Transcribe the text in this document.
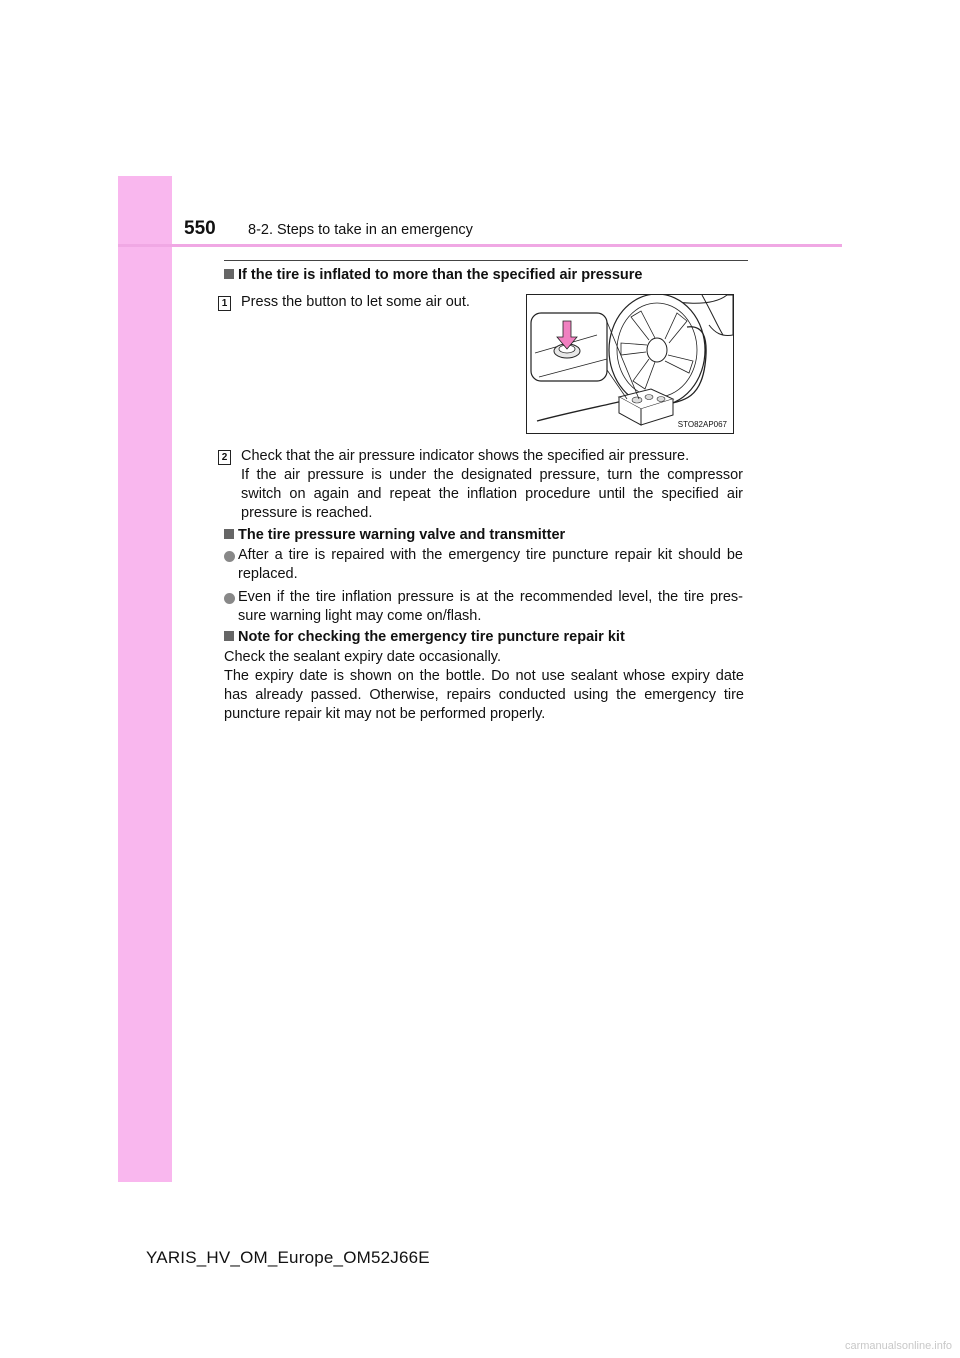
550 8-2. Steps to take in an emergency
If the tire is inflated to more than the specified air pressure
1 Press the button to let some air out.
STO82AP067
2 Check that the air pressure indicator shows the specified air pressure.
If the air pressure is under the designated pressure, turn the compressor switch on again and repeat the inflation procedure until the specified air pressure is reached.
The tire pressure warning valve and transmitter
After a tire is repaired with the emergency tire puncture repair kit should be replaced.
Even if the tire inflation pressure is at the recommended level, the tire pres-sure warning light may come on/flash.
Note for checking the emergency tire puncture repair kit
Check the sealant expiry date occasionally.
The expiry date is shown on the bottle. Do not use sealant whose expiry date has already passed. Otherwise, repairs conducted using the emergency tire puncture repair kit may not be performed properly.
YARIS_HV_OM_Europe_OM52J66E
carmanualsonline.info
